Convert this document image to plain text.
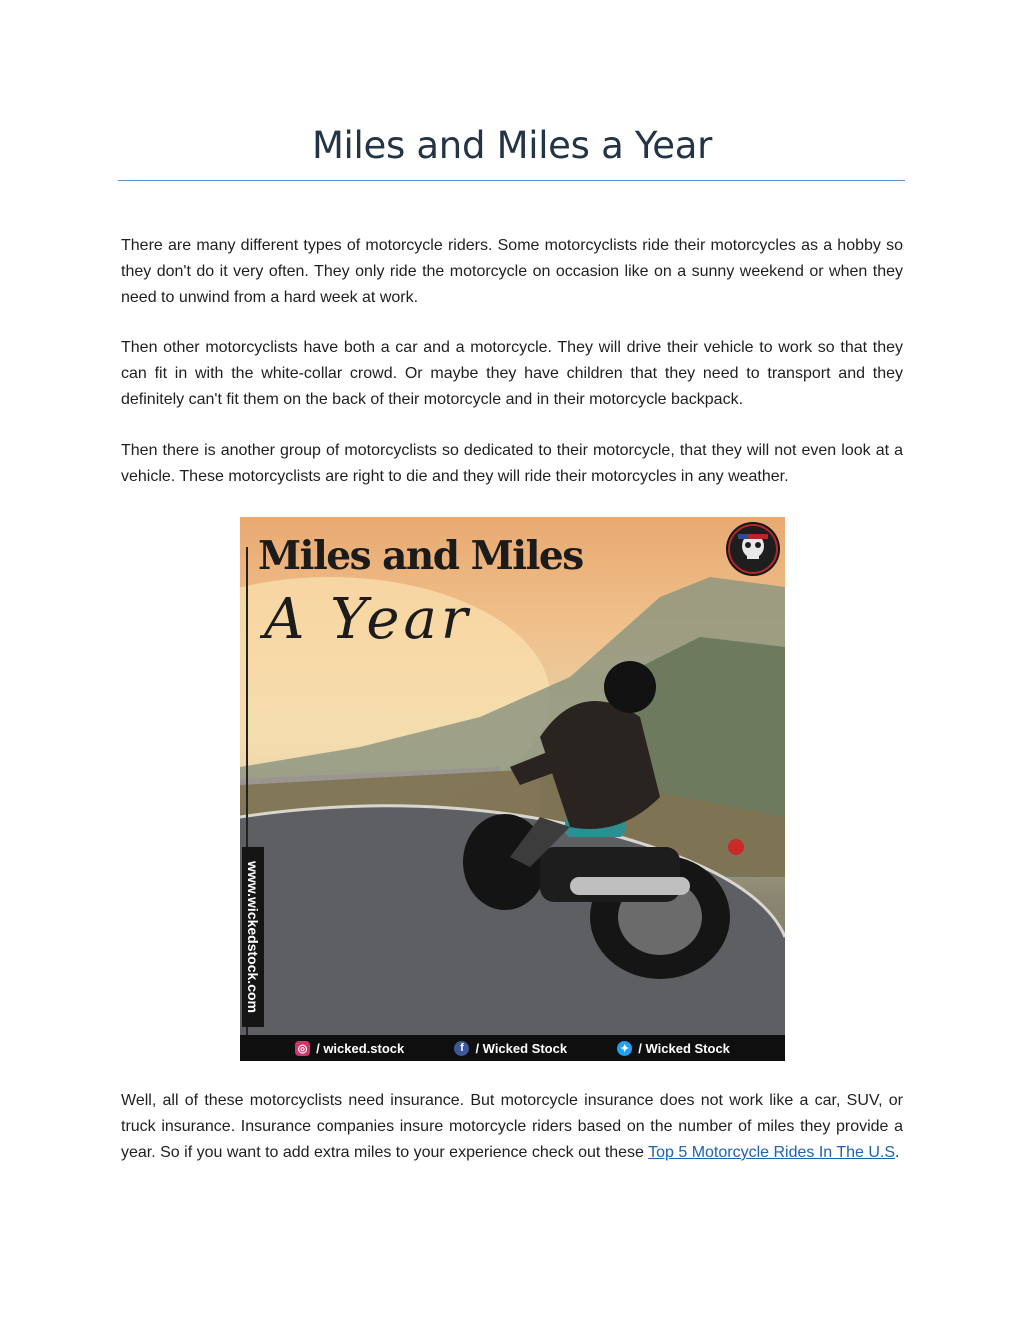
Miles and Miles a Year

There are many different types of motorcycle riders. Some motorcyclists ride their motorcycles as a hobby so they don't do it very often. They only ride the motorcycle on occasion like on a sunny weekend or when they need to unwind from a hard week at work.

Then other motorcyclists have both a car and a motorcycle. They will drive their vehicle to work so that they can fit in with the white-collar crowd. Or maybe they have children that they need to transport and they definitely can't fit them on the back of their motorcycle and in their motorcycle backpack.

Then there is another group of motorcyclists so dedicated to their motorcycle, that they will not even look at a vehicle. These motorcyclists are right to die and they will ride their motorcycles in any weather.

Miles and Miles
A Year
www.wickedstock.com
◎ / wicked.stock	f / Wicked Stock	✦ / Wicked Stock

Well, all of these motorcyclists need insurance. But motorcycle insurance does not work like a car, SUV, or truck insurance. Insurance companies insure motorcycle riders based on the number of miles they provide a year. So if you want to add extra miles to your experience check out these Top 5 Motorcycle Rides In The U.S.
